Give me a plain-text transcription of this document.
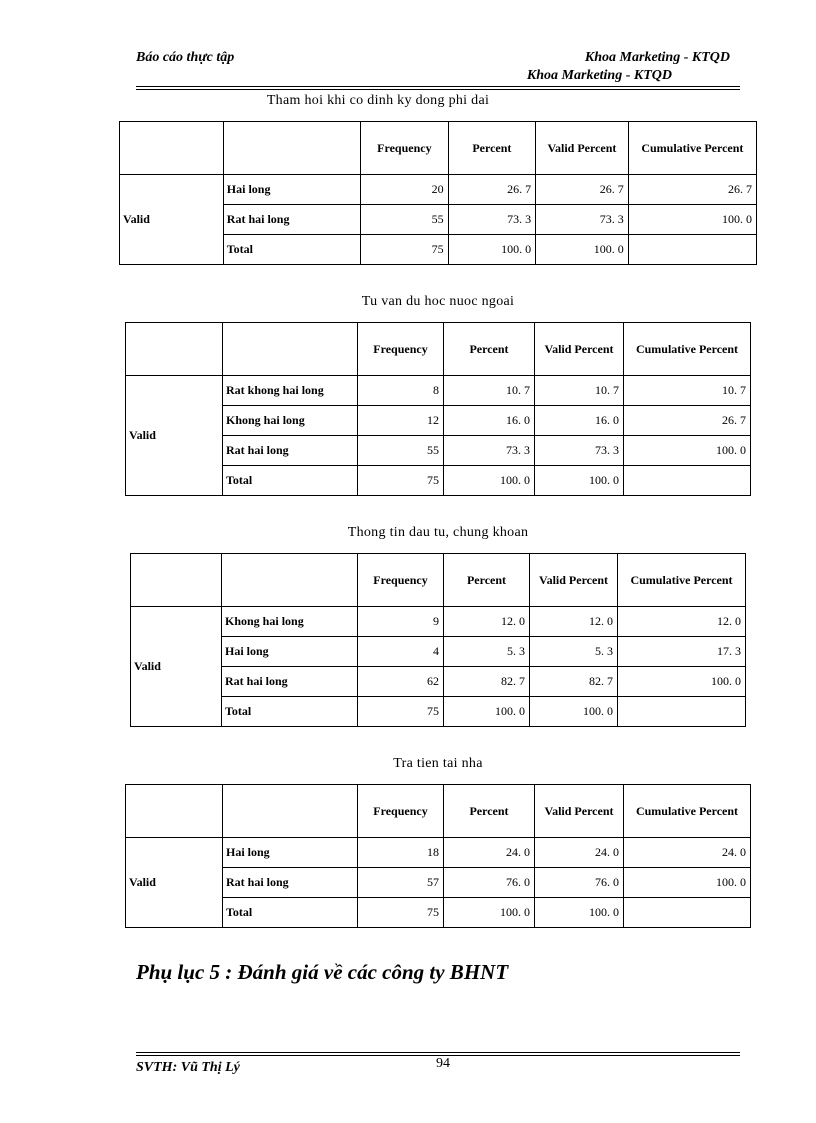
Báo cáo thực tập	Khoa Marketing - KTQD
Khoa Marketing - KTQD
Tham hoi khi co dinh ky dong phi dai
		Frequency	Percent	Valid Percent	Cumulative Percent
Valid	Hai long	20	26. 7	26. 7	26. 7
	Rat hai long	55	73. 3	73. 3	100. 0
	Total	75	100. 0	100. 0	
Tu van du hoc nuoc ngoai
		Frequency	Percent	Valid Percent	Cumulative Percent
Valid	Rat khong hai long	8	10. 7	10. 7	10. 7
	Khong hai long	12	16. 0	16. 0	26. 7
	Rat hai long	55	73. 3	73. 3	100. 0
	Total	75	100. 0	100. 0	
Thong tin dau tu, chung khoan
		Frequency	Percent	Valid Percent	Cumulative Percent
Valid	Khong hai long	9	12. 0	12. 0	12. 0
	Hai long	4	5. 3	5. 3	17. 3
	Rat hai long	62	82. 7	82. 7	100. 0
	Total	75	100. 0	100. 0	
Tra tien tai nha
		Frequency	Percent	Valid Percent	Cumulative Percent
Valid	Hai long	18	24. 0	24. 0	24. 0
	Rat hai long	57	76. 0	76. 0	100. 0
	Total	75	100. 0	100. 0	
Phụ lục 5 : Đánh giá về các công ty BHNT
SVTH: Vũ Thị Lý	94
